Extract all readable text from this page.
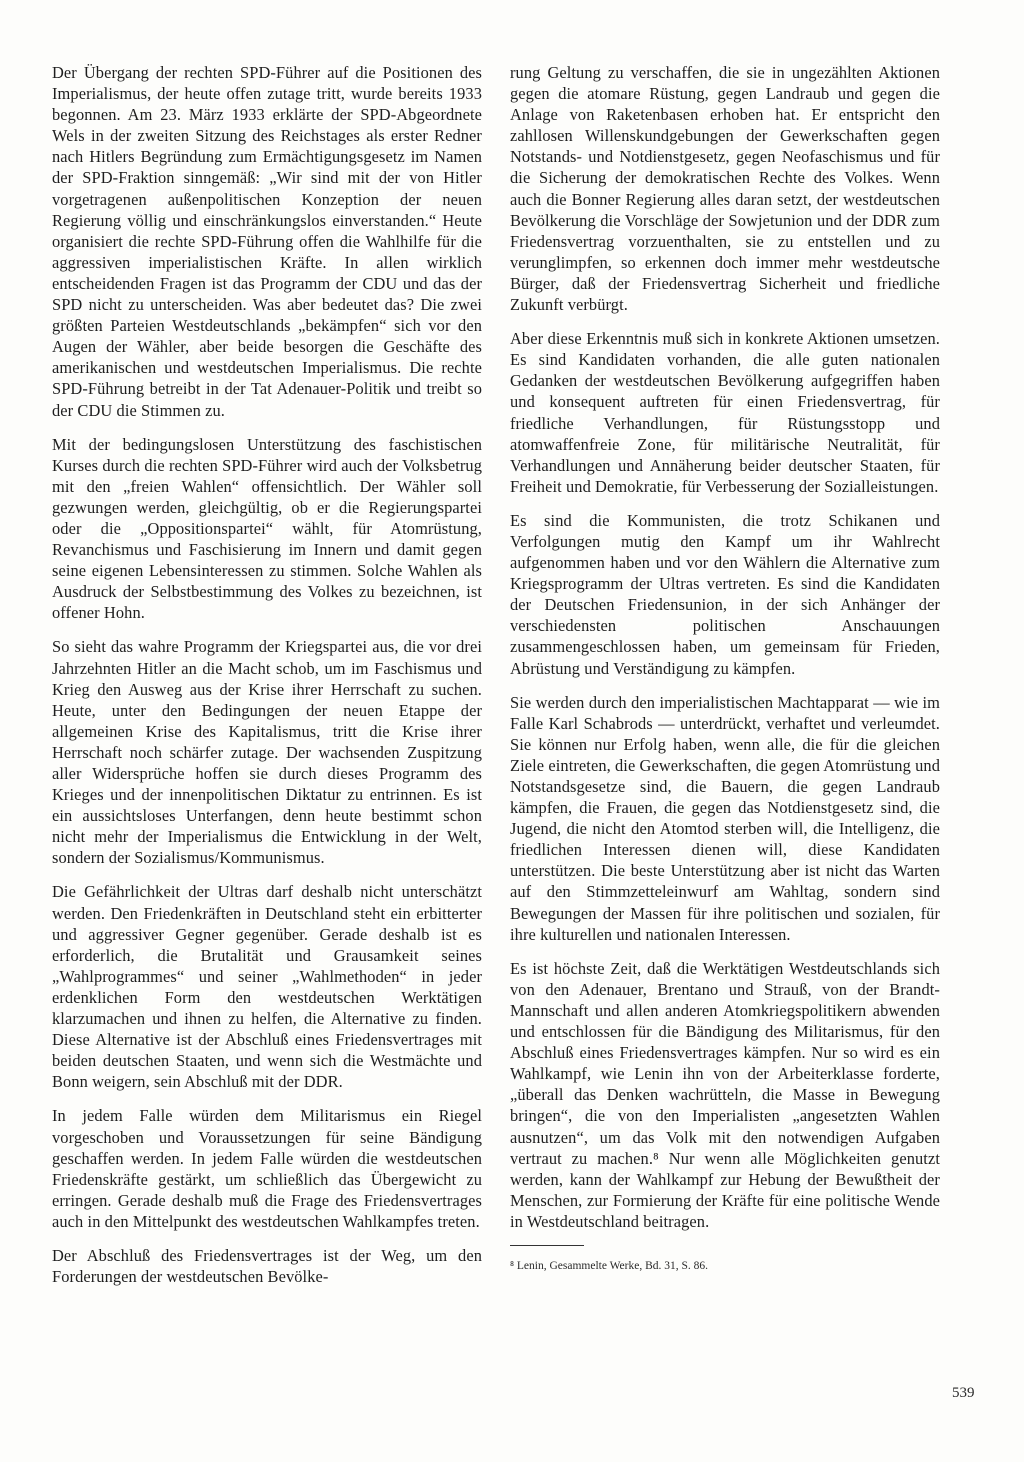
Der Übergang der rechten SPD-Führer auf die Positionen des Imperialismus, der heute offen zutage tritt, wurde bereits 1933 begonnen. Am 23. März 1933 erklärte der SPD-Abgeordnete Wels in der zweiten Sitzung des Reichstages als erster Redner nach Hitlers Begründung zum Ermächtigungsgesetz im Namen der SPD-Fraktion sinngemäß: „Wir sind mit der von Hitler vorgetragenen außenpolitischen Konzeption der neuen Regierung völlig und einschränkungslos einverstanden.“ Heute organisiert die rechte SPD-Führung offen die Wahlhilfe für die aggressiven imperialistischen Kräfte. In allen wirklich entscheidenden Fragen ist das Programm der CDU und das der SPD nicht zu unterscheiden. Was aber bedeutet das? Die zwei größten Parteien Westdeutschlands „bekämpfen“ sich vor den Augen der Wähler, aber beide besorgen die Geschäfte des amerikanischen und westdeutschen Imperialismus. Die rechte SPD-Führung betreibt in der Tat Adenauer-Politik und treibt so der CDU die Stimmen zu.

Mit der bedingungslosen Unterstützung des faschistischen Kurses durch die rechten SPD-Führer wird auch der Volksbetrug mit den „freien Wahlen“ offensichtlich. Der Wähler soll gezwungen werden, gleichgültig, ob er die Regierungspartei oder die „Oppositionspartei“ wählt, für Atomrüstung, Revanchismus und Faschisierung im Innern und damit gegen seine eigenen Lebensinteressen zu stimmen. Solche Wahlen als Ausdruck der Selbstbestimmung des Volkes zu bezeichnen, ist offener Hohn.

So sieht das wahre Programm der Kriegspartei aus, die vor drei Jahrzehnten Hitler an die Macht schob, um im Faschismus und Krieg den Ausweg aus der Krise ihrer Herrschaft zu suchen. Heute, unter den Bedingungen der neuen Etappe der allgemeinen Krise des Kapitalismus, tritt die Krise ihrer Herrschaft noch schärfer zutage. Der wachsenden Zuspitzung aller Widersprüche hoffen sie durch dieses Programm des Krieges und der innenpolitischen Diktatur zu entrinnen. Es ist ein aussichtsloses Unterfangen, denn heute bestimmt schon nicht mehr der Imperialismus die Entwicklung in der Welt, sondern der Sozialismus/Kommunismus.

Die Gefährlichkeit der Ultras darf deshalb nicht unterschätzt werden. Den Friedenkräften in Deutschland steht ein erbitterter und aggressiver Gegner gegenüber. Gerade deshalb ist es erforderlich, die Brutalität und Grausamkeit seines „Wahlprogrammes“ und seiner „Wahlmethoden“ in jeder erdenklichen Form den westdeutschen Werktätigen klarzumachen und ihnen zu helfen, die Alternative zu finden. Diese Alternative ist der Abschluß eines Friedensvertrages mit beiden deutschen Staaten, und wenn sich die Westmächte und Bonn weigern, sein Abschluß mit der DDR.

In jedem Falle würden dem Militarismus ein Riegel vorgeschoben und Voraussetzungen für seine Bändigung geschaffen werden. In jedem Falle würden die westdeutschen Friedenskräfte gestärkt, um schließlich das Übergewicht zu erringen. Gerade deshalb muß die Frage des Friedensvertrages auch in den Mittelpunkt des westdeutschen Wahlkampfes treten.

Der Abschluß des Friedensvertrages ist der Weg, um den Forderungen der westdeutschen Bevölke-

rung Geltung zu verschaffen, die sie in ungezählten Aktionen gegen die atomare Rüstung, gegen Landraub und gegen die Anlage von Raketenbasen erhoben hat. Er entspricht den zahllosen Willenskundgebungen der Gewerkschaften gegen Notstands- und Notdienstgesetz, gegen Neofaschismus und für die Sicherung der demokratischen Rechte des Volkes. Wenn auch die Bonner Regierung alles daran setzt, der westdeutschen Bevölkerung die Vorschläge der Sowjetunion und der DDR zum Friedensvertrag vorzuenthalten, sie zu entstellen und zu verunglimpfen, so erkennen doch immer mehr westdeutsche Bürger, daß der Friedensvertrag Sicherheit und friedliche Zukunft verbürgt.

Aber diese Erkenntnis muß sich in konkrete Aktionen umsetzen. Es sind Kandidaten vorhanden, die alle guten nationalen Gedanken der westdeutschen Bevölkerung aufgegriffen haben und konsequent auftreten für einen Friedensvertrag, für friedliche Verhandlungen, für Rüstungsstopp und atomwaffenfreie Zone, für militärische Neutralität, für Verhandlungen und Annäherung beider deutscher Staaten, für Freiheit und Demokratie, für Verbesserung der Sozialleistungen.

Es sind die Kommunisten, die trotz Schikanen und Verfolgungen mutig den Kampf um ihr Wahlrecht aufgenommen haben und vor den Wählern die Alternative zum Kriegsprogramm der Ultras vertreten. Es sind die Kandidaten der Deutschen Friedensunion, in der sich Anhänger der verschiedensten politischen Anschauungen zusammengeschlossen haben, um gemeinsam für Frieden, Abrüstung und Verständigung zu kämpfen.

Sie werden durch den imperialistischen Machtapparat — wie im Falle Karl Schabrods — unterdrückt, verhaftet und verleumdet. Sie können nur Erfolg haben, wenn alle, die für die gleichen Ziele eintreten, die Gewerkschaften, die gegen Atomrüstung und Notstandsgesetze sind, die Bauern, die gegen Landraub kämpfen, die Frauen, die gegen das Notdienstgesetz sind, die Jugend, die nicht den Atomtod sterben will, die Intelligenz, die friedlichen Interessen dienen will, diese Kandidaten unterstützen. Die beste Unterstützung aber ist nicht das Warten auf den Stimmzetteleinwurf am Wahltag, sondern sind Bewegungen der Massen für ihre politischen und sozialen, für ihre kulturellen und nationalen Interessen.

Es ist höchste Zeit, daß die Werktätigen Westdeutschlands sich von den Adenauer, Brentano und Strauß, von der Brandt-Mannschaft und allen anderen Atomkriegspolitikern abwenden und entschlossen für die Bändigung des Militarismus, für den Abschluß eines Friedensvertrages kämpfen. Nur so wird es ein Wahlkampf, wie Lenin ihn von der Arbeiterklasse forderte, „überall das Denken wachrütteln, die Masse in Bewegung bringen“, die von den Imperialisten „angesetzten Wahlen ausnutzen“, um das Volk mit den notwendigen Aufgaben vertraut zu machen.⁸ Nur wenn alle Möglichkeiten genutzt werden, kann der Wahlkampf zur Hebung der Bewußtheit der Menschen, zur Formierung der Kräfte für eine politische Wende in Westdeutschland beitragen.

⁸ Lenin, Gesammelte Werke, Bd. 31, S. 86.

539
